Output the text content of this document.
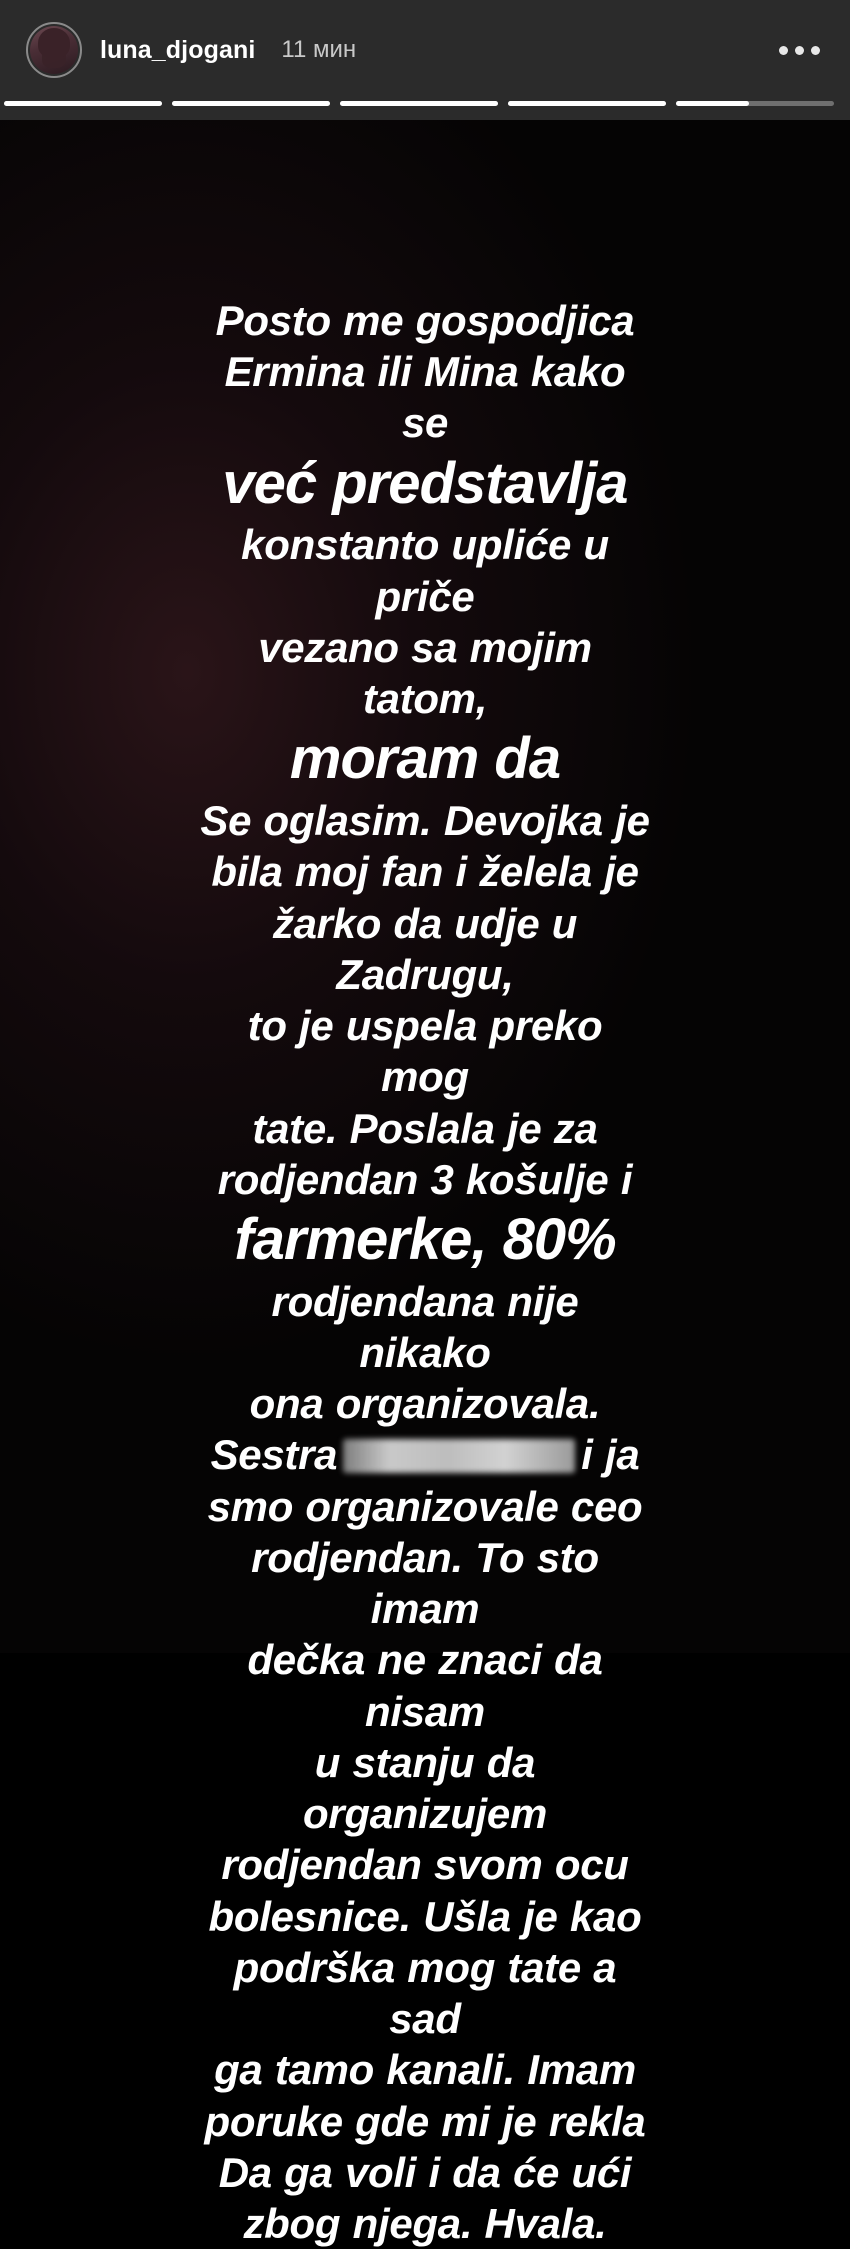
luna_djogani 11 мин
Posto me gospodjica
Ermina ili Mina kako se
već predstavlja
konstanto upliće u priče
vezano sa mojim tatom,
moram da
Se oglasim. Devojka je
bila moj fan i želela je
žarko da udje u Zadrugu,
to je uspela preko mog
tate. Poslala je za
rodjendan 3 košulje i
farmerke, 80%
rodjendana nije nikako
ona organizovala.
Sestra	i ja
smo organizovale ceo
rodjendan. To sto imam
dečka ne znaci da nisam
u stanju da organizujem
rodjendan svom ocu
bolesnice. Ušla je kao
podrška mog tate a sad
ga tamo kanali. Imam
poruke gde mi je rekla
Da ga voli i da će ući
zbog njega. Hvala.
